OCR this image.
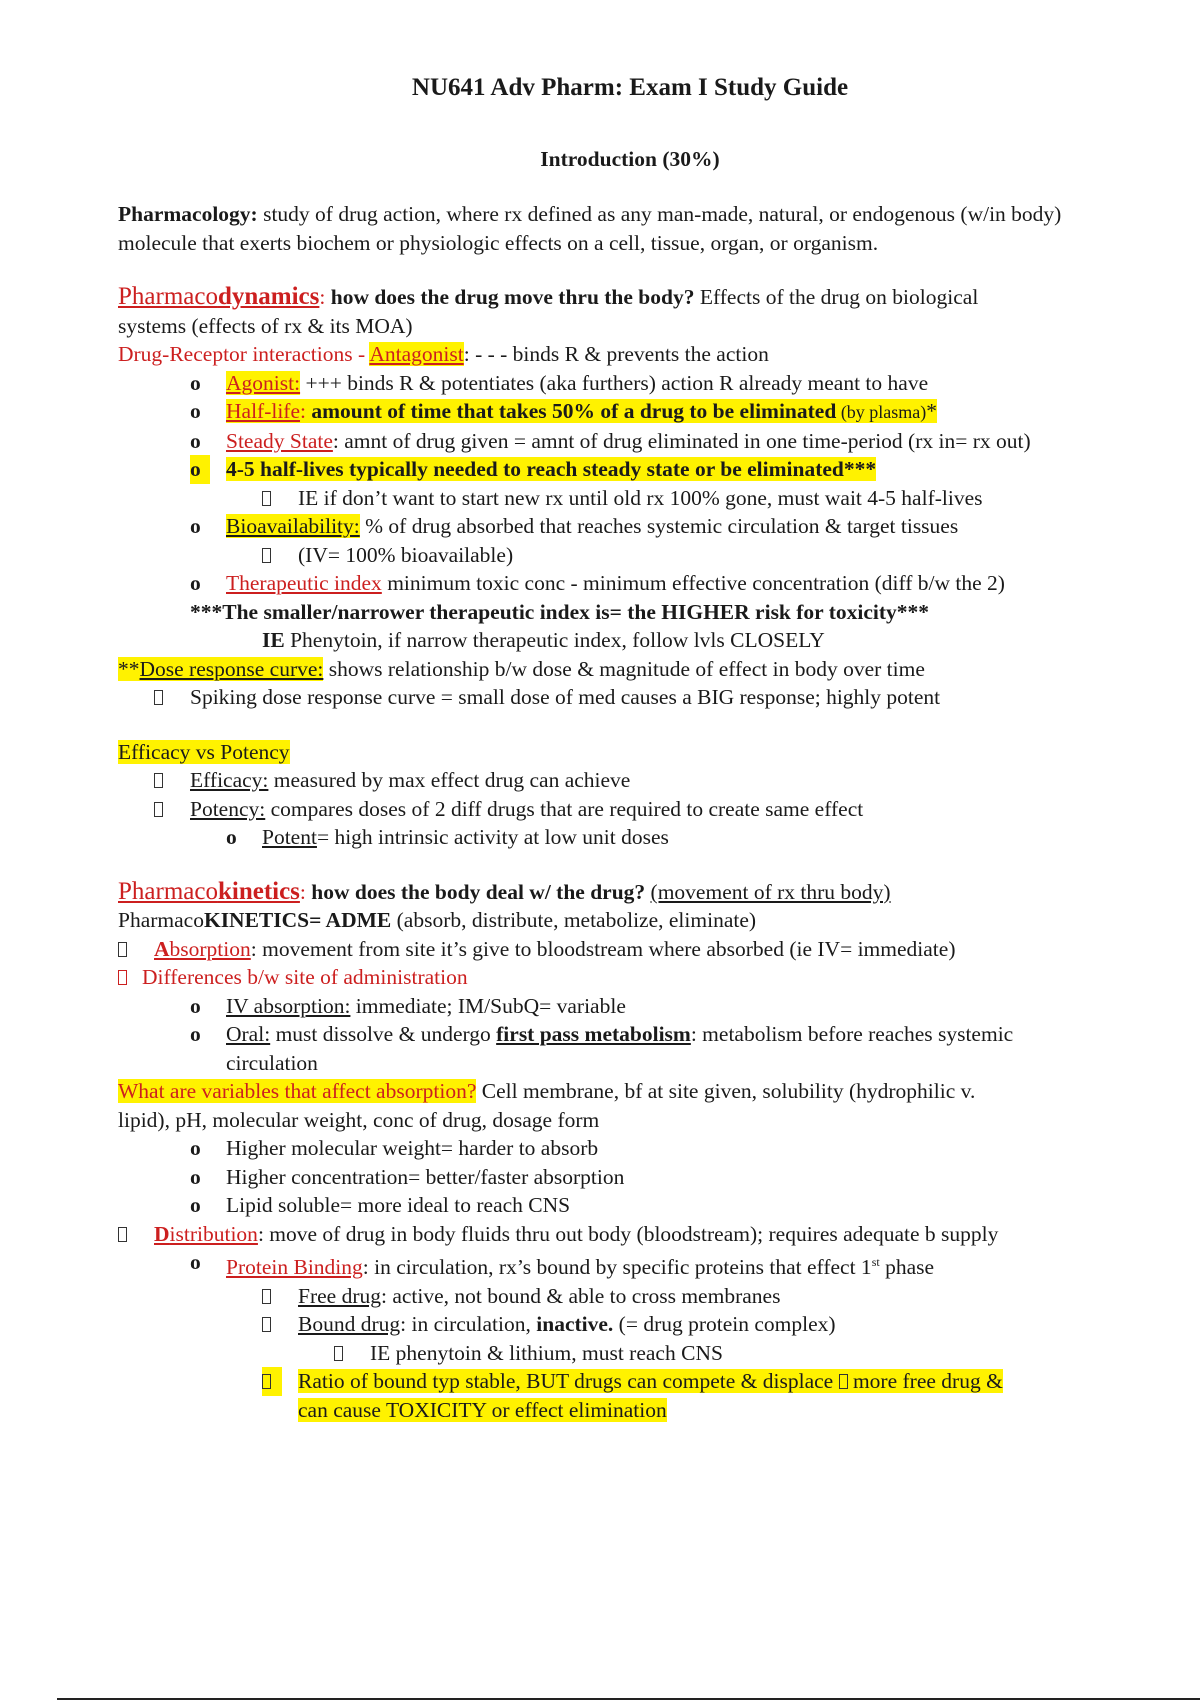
NU641 Adv Pharm: Exam I Study Guide
Introduction (30%)
Pharmacology: study of drug action, where rx defined as any man-made, natural, or endogenous (w/in body)
molecule that exerts biochem or physiologic effects on a cell, tissue, organ, or organism.
Pharmacodynamics: how does the drug move thru the body? Effects of the drug on biological
systems (effects of rx & its MOA)
Drug-Receptor interactions - Antagonist: - - - binds R & prevents the action
o	Agonist: +++ binds R & potentiates (aka furthers) action R already meant to have
o	Half-life: amount of time that takes 50% of a drug to be eliminated (by plasma)*
o	Steady State: amnt of drug given = amnt of drug eliminated in one time-period (rx in= rx out)
o	4-5 half-lives typically needed to reach steady state or be eliminated***
IE if don’t want to start new rx until old rx 100% gone, must wait 4-5 half-lives
o	Bioavailability: % of drug absorbed that reaches systemic circulation & target tissues
(IV= 100% bioavailable)
o	Therapeutic index minimum toxic conc - minimum effective concentration (diff b/w the 2)
***The smaller/narrower therapeutic index is= the HIGHER risk for toxicity***
IE Phenytoin, if narrow therapeutic index, follow lvls CLOSELY
**Dose response curve: shows relationship b/w dose & magnitude of effect in body over time
Spiking dose response curve = small dose of med causes a BIG response; highly potent
Efficacy vs Potency
Efficacy: measured by max effect drug can achieve
Potency: compares doses of 2 diff drugs that are required to create same effect
o	Potent= high intrinsic activity at low unit doses
Pharmacokinetics: how does the body deal w/ the drug? (movement of rx thru body)
PharmacoKINETICS= ADME (absorb, distribute, metabolize, eliminate)
Absorption: movement from site it’s give to bloodstream where absorbed (ie IV= immediate)
Differences b/w site of administration
o	IV absorption: immediate; IM/SubQ= variable
o	Oral: must dissolve & undergo first pass metabolism: metabolism before reaches systemic
circulation
What are variables that affect absorption? Cell membrane, bf at site given, solubility (hydrophilic v.
lipid), pH, molecular weight, conc of drug, dosage form
o	Higher molecular weight= harder to absorb
o	Higher concentration= better/faster absorption
o	Lipid soluble= more ideal to reach CNS
Distribution: move of drug in body fluids thru out body (bloodstream); requires adequate b supply
o	Protein Binding: in circulation, rx’s bound by specific proteins that effect 1st phase
Free drug: active, not bound & able to cross membranes
Bound drug: in circulation, inactive. (= drug protein complex)
IE phenytoin & lithium, must reach CNS
Ratio of bound typ stable, BUT drugs can compete & displace  more free drug &
can cause TOXICITY or effect elimination
